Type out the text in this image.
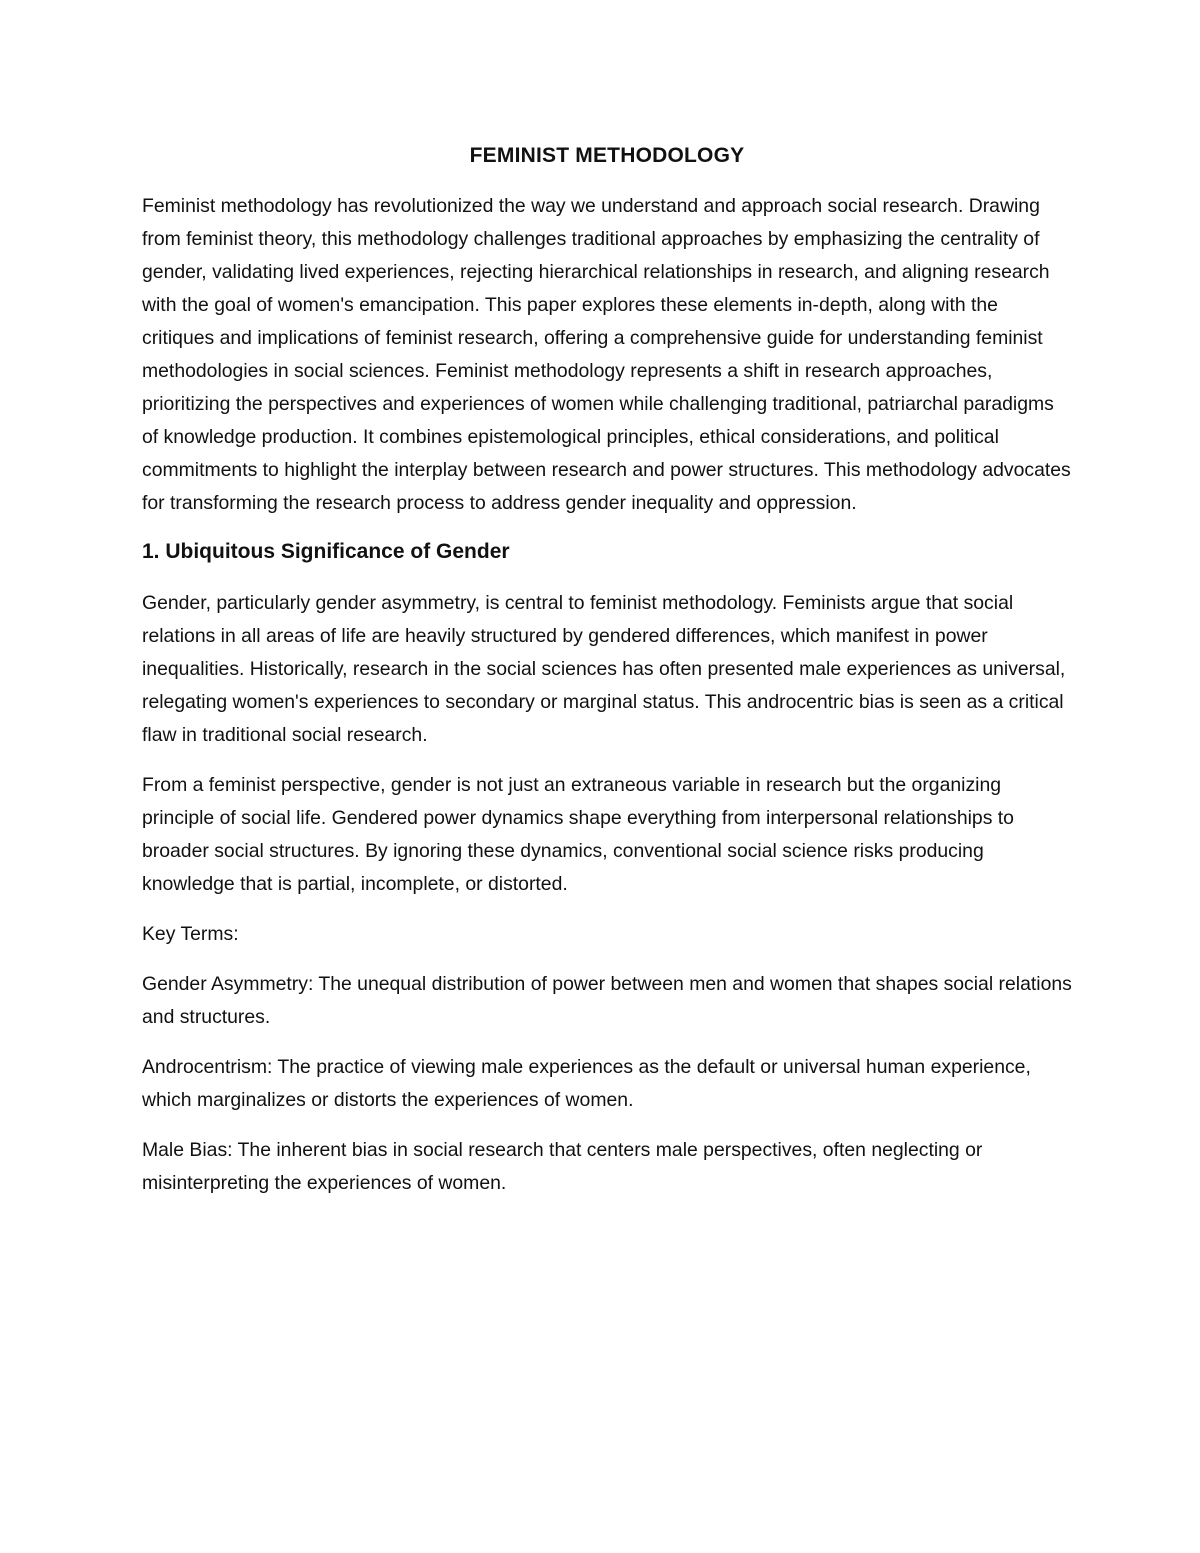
FEMINIST METHODOLOGY

Feminist methodology has revolutionized the way we understand and approach social research. Drawing from feminist theory, this methodology challenges traditional approaches by emphasizing the centrality of gender, validating lived experiences, rejecting hierarchical relationships in research, and aligning research with the goal of women's emancipation. This paper explores these elements in-depth, along with the critiques and implications of feminist research, offering a comprehensive guide for understanding feminist methodologies in social sciences. Feminist methodology represents a shift in research approaches, prioritizing the perspectives and experiences of women while challenging traditional, patriarchal paradigms of knowledge production. It combines epistemological principles, ethical considerations, and political commitments to highlight the interplay between research and power structures. This methodology advocates for transforming the research process to address gender inequality and oppression.

1. Ubiquitous Significance of Gender

Gender, particularly gender asymmetry, is central to feminist methodology. Feminists argue that social relations in all areas of life are heavily structured by gendered differences, which manifest in power inequalities. Historically, research in the social sciences has often presented male experiences as universal, relegating women's experiences to secondary or marginal status. This androcentric bias is seen as a critical flaw in traditional social research.

From a feminist perspective, gender is not just an extraneous variable in research but the organizing principle of social life. Gendered power dynamics shape everything from interpersonal relationships to broader social structures. By ignoring these dynamics, conventional social science risks producing knowledge that is partial, incomplete, or distorted.

Key Terms:

Gender Asymmetry: The unequal distribution of power between men and women that shapes social relations and structures.

Androcentrism: The practice of viewing male experiences as the default or universal human experience, which marginalizes or distorts the experiences of women.

Male Bias: The inherent bias in social research that centers male perspectives, often neglecting or misinterpreting the experiences of women.
